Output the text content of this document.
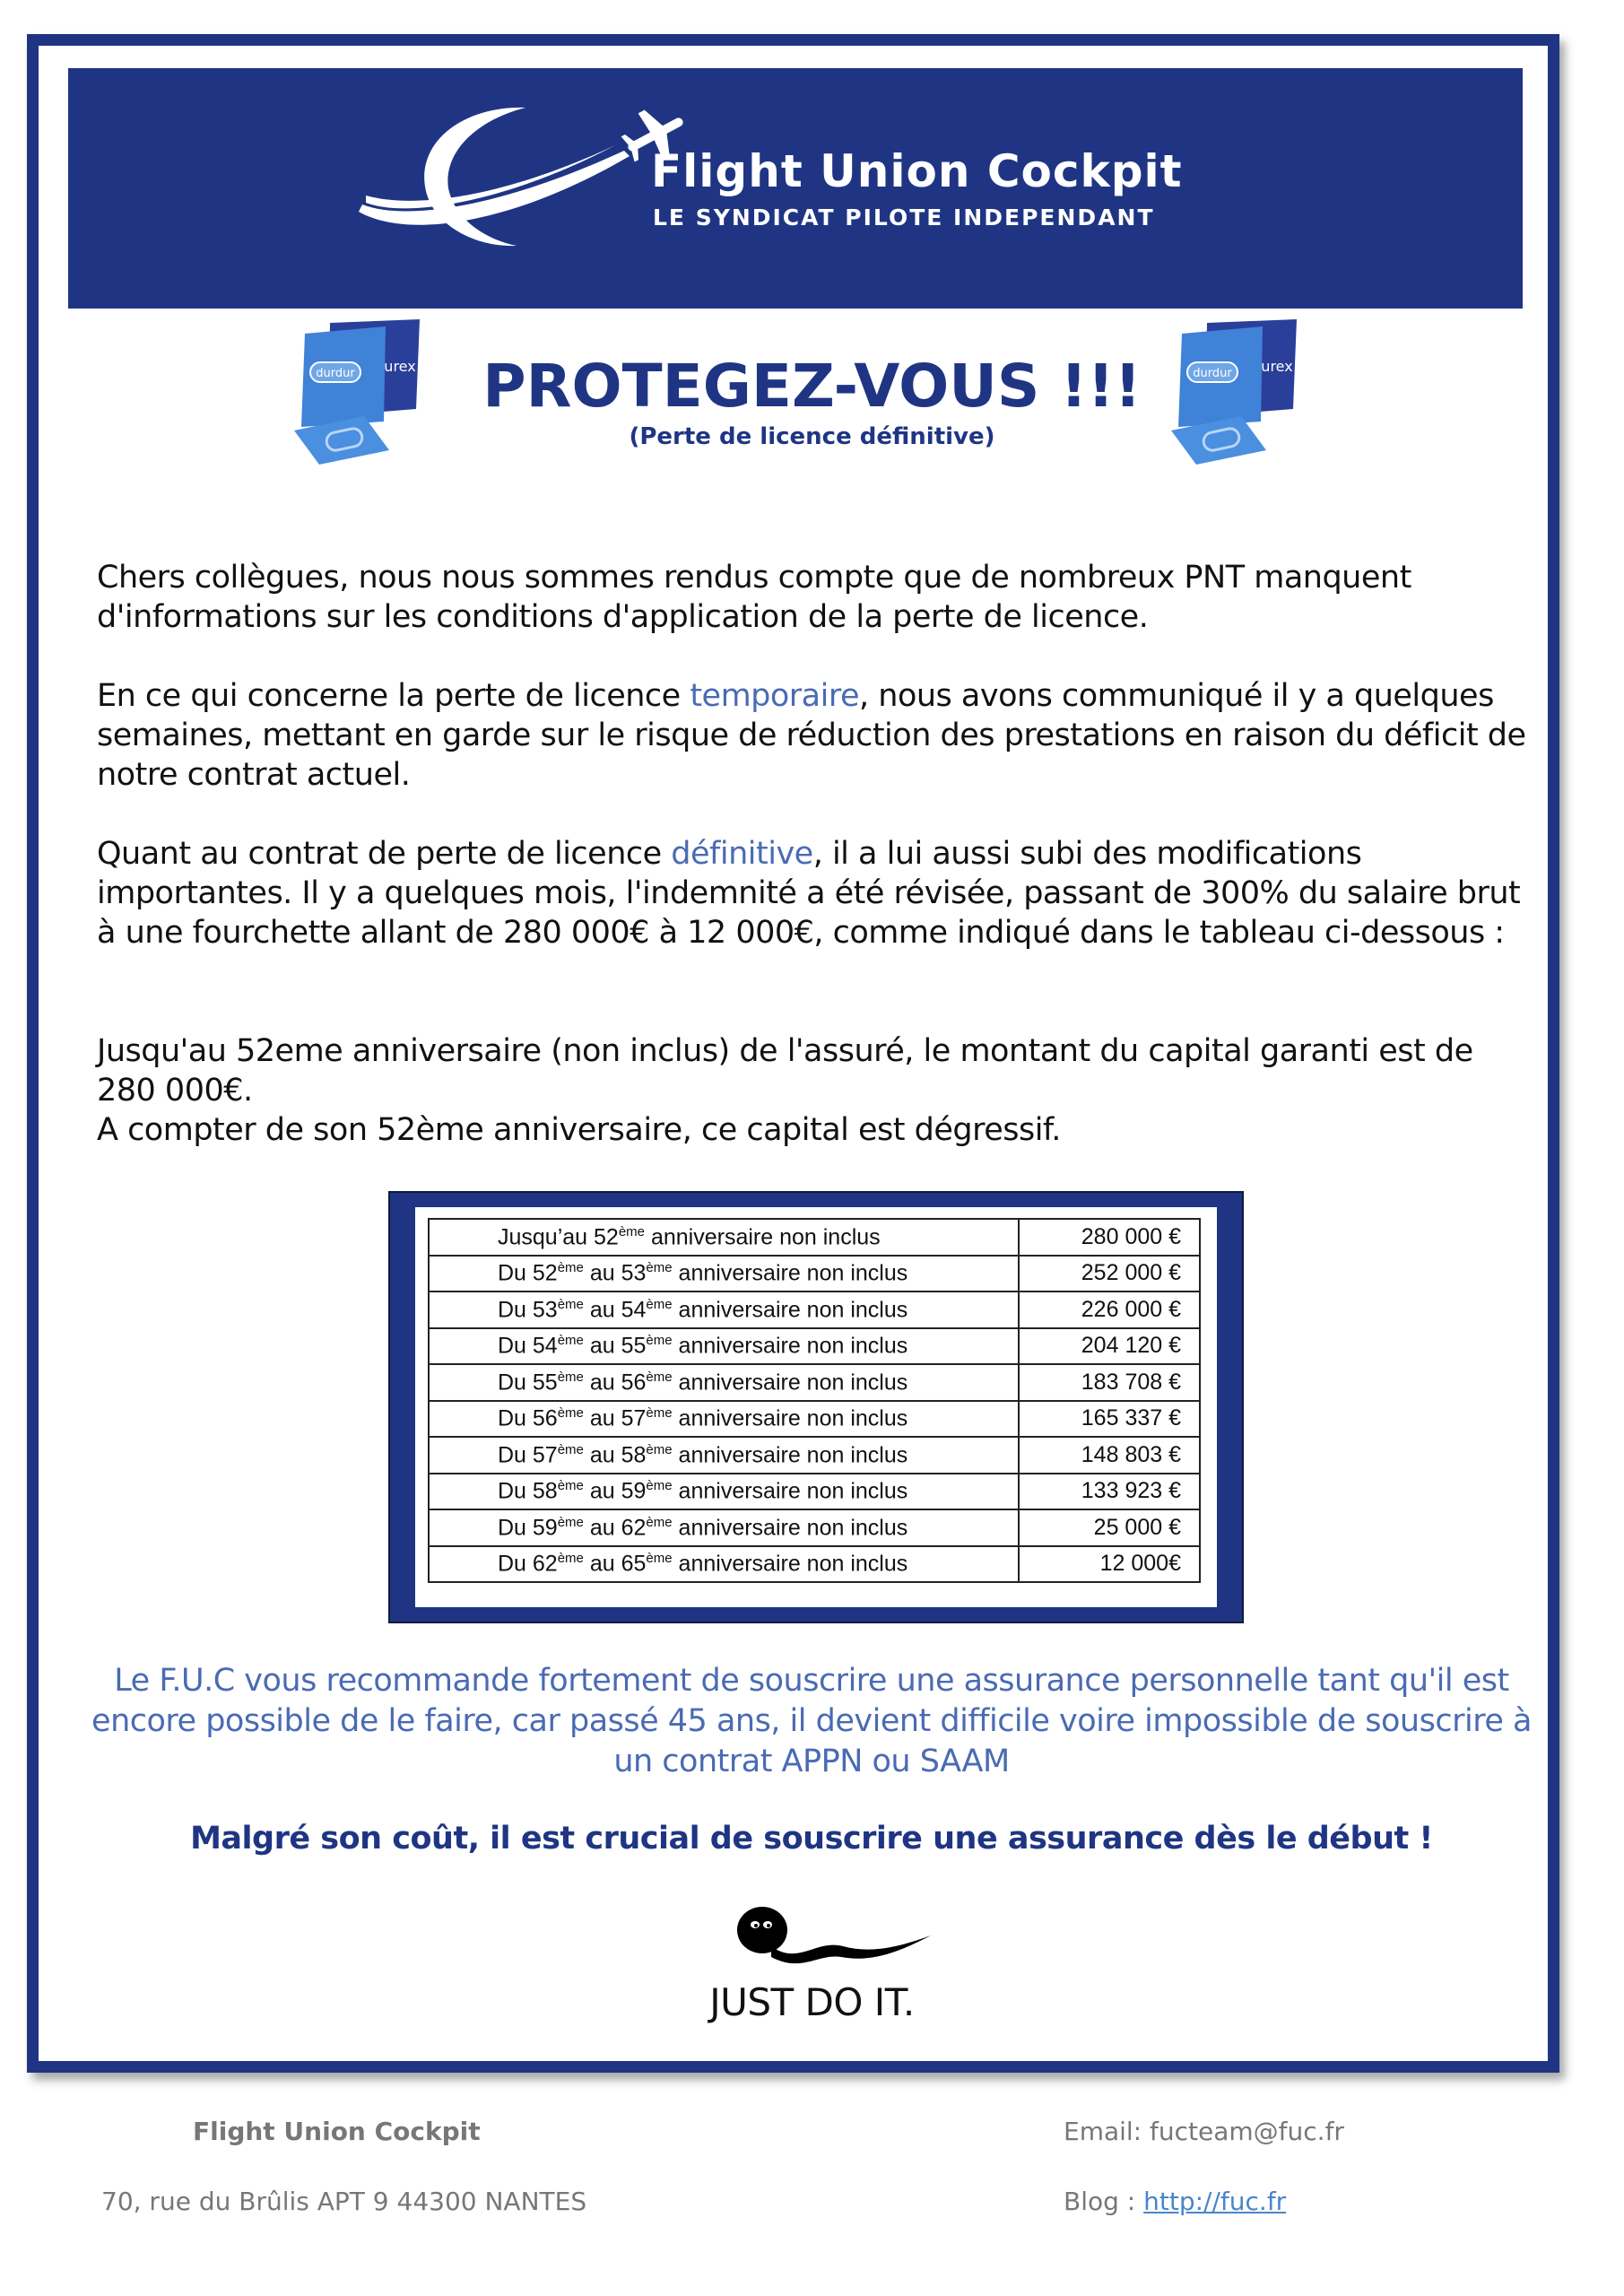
Flight Union Cockpit
LE SYNDICAT PILOTE INDEPENDANT
durdur urex	durdur urex
PROTEGEZ-VOUS !!!
(Perte de licence définitive)

Chers collègues, nous nous sommes rendus compte que de nombreux PNT manquent d'informations sur les conditions d'application de la perte de licence.

En ce qui concerne la perte de licence temporaire, nous avons communiqué il y a quelques semaines, mettant en garde sur le risque de réduction des prestations en raison du déficit de notre contrat actuel.

Quant au contrat de perte de licence définitive, il a lui aussi subi des modifications importantes. Il y a quelques mois, l'indemnité a été révisée, passant de 300% du salaire brut à une fourchette allant de 280 000€ à 12 000€, comme indiqué dans le tableau ci-dessous :

Jusqu'au 52eme anniversaire (non inclus) de l'assuré, le montant du capital garanti est de 280 000€.

A compter de son 52ème anniversaire, ce capital est dégressif.

Jusqu’au 52ème anniversaire non inclus	280 000 €
Du 52ème au 53ème anniversaire non inclus	252 000 €
Du 53ème au 54ème anniversaire non inclus	226 000 €
Du 54ème au 55ème anniversaire non inclus	204 120 €
Du 55ème au 56ème anniversaire non inclus	183 708 €
Du 56ème au 57ème anniversaire non inclus	165 337 €
Du 57ème au 58ème anniversaire non inclus	148 803 €
Du 58ème au 59ème anniversaire non inclus	133 923 €
Du 59ème au 62ème anniversaire non inclus	25 000 €
Du 62ème au 65ème anniversaire non inclus	12 000€
Le F.U.C vous recommande fortement de souscrire une assurance personnelle tant qu'il est encore possible de le faire, car passé 45 ans, il devient difficile voire impossible de souscrire à un contrat APPN ou SAAM
Malgré son coût, il est crucial de souscrire une assurance dès le début !
JUST DO IT.
Flight Union Cockpit
70, rue du Brûlis APT 9 44300 NANTES
Email: fucteam@fuc.fr
Blog : http://fuc.fr
